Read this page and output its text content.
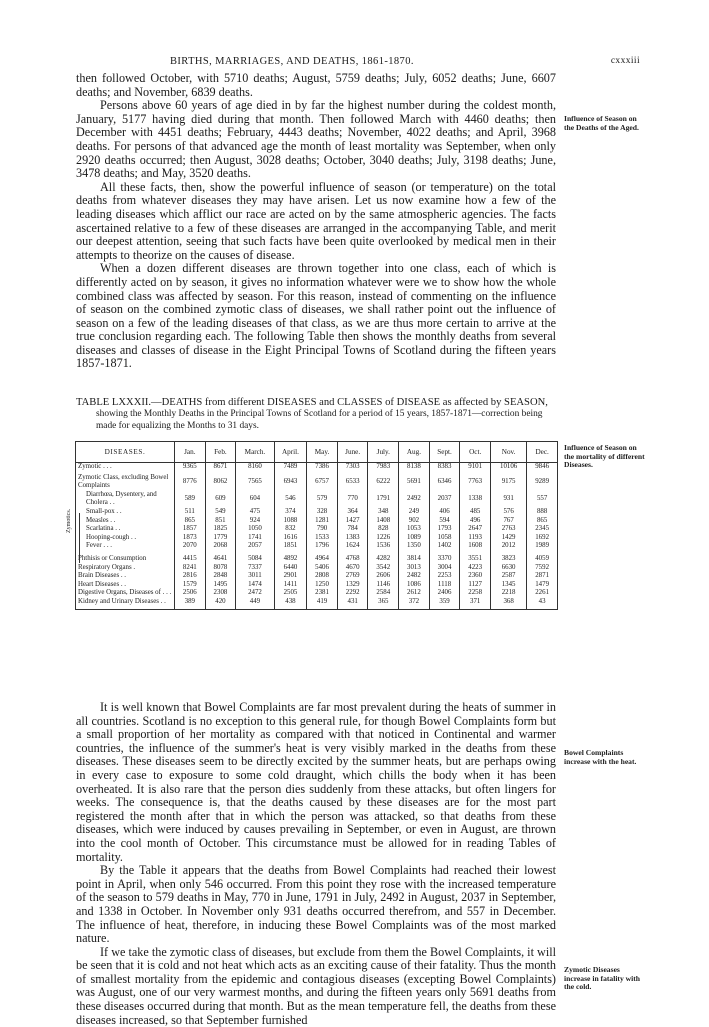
BIRTHS, MARRIAGES, AND DEATHS, 1861-1870.	cxxxiii

then followed October, with 5710 deaths; August, 5759 deaths; July, 6052 deaths; June, 6607 deaths; and November, 6839 deaths.

Persons above 60 years of age died in by far the highest number during the coldest month, January, 5177 having died during that month. Then followed March with 4460 deaths; then December with 4451 deaths; February, 4443 deaths; November, 4022 deaths; and April, 3968 deaths. For persons of that advanced age the month of least mortality was September, when only 2920 deaths occurred; then August, 3028 deaths; October, 3040 deaths; July, 3198 deaths; June, 3478 deaths; and May, 3520 deaths.

All these facts, then, show the powerful influence of season (or temperature) on the total deaths from whatever diseases they may have arisen. Let us now examine how a few of the leading diseases which afflict our race are acted on by the same atmospheric agencies. The facts ascertained relative to a few of these diseases are arranged in the accompanying Table, and merit our deepest attention, seeing that such facts have been quite overlooked by medical men in their attempts to theorize on the causes of disease.

When a dozen different diseases are thrown together into one class, each of which is differently acted on by season, it gives no information whatever were we to show how the whole combined class was affected by season. For this reason, instead of commenting on the influence of season on the combined zymotic class of diseases, we shall rather point out the influence of season on a few of the leading diseases of that class, as we are thus more certain to arrive at the true conclusion regarding each. The following Table then shows the monthly deaths from several diseases and classes of disease in the Eight Principal Towns of Scotland during the fifteen years 1857-1871.

Influence of Season on the Deaths of the Aged.
Influence of Season on the mortality of different Diseases.
Bowel Complaints increase with the heat.
Zymotic Diseases increase in fatality with the cold.
TABLE LXXXII.—DEATHS from different DISEASES and CLASSES of DISEASE as affected by SEASON,
showing the Monthly Deaths in the Principal Towns of Scotland for a period of 15 years, 1857-1871—correction being made for equalizing the Months to 31 days.
DISEASES.	Jan.	Feb.	March.	April.	May.	June.	July.	Aug.	Sept.	Oct.	Nov.	Dec.
Zymotic . . .	9365	8671	8160	7489	7386	7303	7983	8138	8383	9101	10106	9846

Zymotic Class, excluding Bowel Complaints	8776	8062	7565	6943	6757	6533	6222	5691	6346	7763	9175	9289
Diarrhœa, Dysentery, and Cholera . .	589	609	604	546	579	770	1791	2492	2037	1338	931	557
Small-pox . .	511	549	475	374	328	364	348	249	406	485	576	888
Measles . .	865	851	924	1088	1281	1427	1408	902	594	496	767	865
Scarlatina . .	1857	1825	1050	832	790	784	828	1053	1793	2647	2763	2345
Hooping-cough . .	1873	1779	1741	1616	1533	1383	1226	1089	1058	1193	1429	1692
Fever . . .	2070	2068	2057	1851	1796	1624	1536	1350	1402	1608	2012	1989

Phthisis or Consumption	4415	4641	5084	4892	4964	4768	4282	3814	3370	3551	3823	4059
Respiratory Organs .	8241	8078	7337	6440	5406	4670	3542	3013	3004	4223	6630	7592
Brain Diseases . .	2816	2848	3011	2901	2808	2769	2606	2482	2253	2360	2587	2871
Heart Diseases . .	1579	1495	1474	1411	1250	1329	1146	1086	1118	1127	1345	1479
Digestive Organs, Diseases of . . .	2506	2308	2472	2505	2381	2292	2584	2612	2406	2258	2218	2261
Kidney and Urinary Diseases . .	389	420	449	438	419	431	365	372	359	371	368	43
Zymotics.

It is well known that Bowel Complaints are far most prevalent during the heats of summer in all countries. Scotland is no exception to this general rule, for though Bowel Complaints form but a small proportion of her mortality as compared with that noticed in Continental and warmer countries, the influence of the summer's heat is very visibly marked in the deaths from these diseases. These diseases seem to be directly excited by the summer heats, but are perhaps owing in every case to exposure to some cold draught, which chills the body when it has been overheated. It is also rare that the person dies suddenly from these attacks, but often lingers for weeks. The consequence is, that the deaths caused by these diseases are for the most part registered the month after that in which the person was attacked, so that deaths from these diseases, which were induced by causes prevailing in September, or even in August, are thrown into the cool month of October. This circumstance must be allowed for in reading Tables of mortality.

By the Table it appears that the deaths from Bowel Complaints had reached their lowest point in April, when only 546 occurred. From this point they rose with the increased temperature of the season to 579 deaths in May, 770 in June, 1791 in July, 2492 in August, 2037 in September, and 1338 in October. In November only 931 deaths occurred therefrom, and 557 in December. The influence of heat, therefore, in inducing these Bowel Complaints was of the most marked nature.

If we take the zymotic class of diseases, but exclude from them the Bowel Complaints, it will be seen that it is cold and not heat which acts as an exciting cause of their fatality. Thus the month of smallest mortality from the epidemic and contagious diseases (excepting Bowel Complaints) was August, one of our very warmest months, and during the fifteen years only 5691 deaths from these diseases occurred during that month. But as the mean temperature fell, the deaths from these diseases increased, so that September furnished
